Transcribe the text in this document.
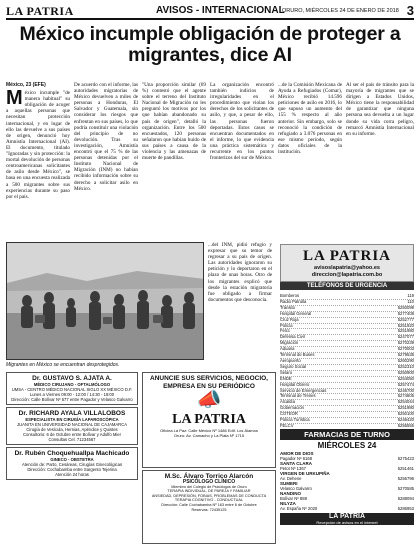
LA PATRIA	AVISOS - INTERNACIONAL
ORURO, MIÉRCOLES 24 DE ENERO DE 2018 3
México incumple obligación de proteger a migrantes, dice AI
México, 23 (EFE)
M éxico incumple "de manera habitual" su obligación de acoger a aquellas personas que necesitan protección internacional, y en lugar de ello las devuelve a sus países de origen, denunció hoy Amnistía Internacional (AI). El documento, titulado "Ignoradas y sin protección: la mortal devolución de personas centroamericanas solicitantes de asilo desde México", se basa en una encuesta realizada a 500 migrantes sobre sus experiencias durante su paso por el país.

De acuerdo con el informe, las autoridades migratorias de México devuelven a miles de personas a Honduras, El Salvador y Guatemala, sin considerar los riesgos que enfrentan en sus países, lo que podría constituir una violación del principio de no devolución. Tras su investigación, Amnistía encontró que el 75 % de las personas detenidas por el Instituto Nacional de Migración (INM) no habían recibido información sobre su derecho a solicitar asilo en México.

"Una proporción similar (69 %) contestó que el agente sobre el terreno del Instituto Nacional de Migración no les preguntó los motivos por los que habían abandonado su país de origen", detalló la organización. Entre los 500 encuestados, 120 personas señalaron que habían huido de sus países a causa de la violencia y las amenazas de muerte de pandillas.

La organización encontró también indicios de irregularidades en el procedimiento que violan los derechos de los solicitantes de asilo, y que, a pesar de ello, las personas fueron deportadas. Estos casos se encuentran documentados en el informe, lo que evidencia una práctica sistemática y recurrente en los puntos fronterizos del sur de México.

...de la Comisión Mexicana de Ayuda a Refugiados (Comar), México recibió 14.596 peticiones de asilo en 2016, lo que supuso un aumento del 155 % respecto al año anterior. Sin embargo, solo se reconoció la condición de refugiado a 3.076 personas en ese mismo periodo, según datos oficiales de la institución.

Al ser el país de tránsito para la mayoría de migrantes que se dirigen a Estados Unidos, México tiene la responsabilidad de garantizar que ninguna persona sea devuelta a un lugar donde su vida corra peligro, remarcó Amnistía Internacional en su informe.

Migrantes en México se encuentran desprotegidos.

...del INM, pidió refugio y expresar que su temor de regresar a su país de origen. Las autoridades ignoraron su petición y lo deportaron en el plazo de unas horas. Otro de los migrantes explicó que desde la estación migratoria fue obligado a firmar documentos que desconocía.

LA PATRIA
avisoslapatria@yahoo.es
direccion@lapatria.com.bo
TELÉFONOS DE URGENCIA
Bomberos	119
Radio Patrulla	110
Tránsito	5250099
Hospital General	5277408
Cruz Roja	5252777
Policía	5251920
Felcc	5251980
Defensa Civil	5247077
Migración	5270239
Aduana	5270003
Terminal de Buses	5279535
Aeropuerto	5260290
Seguro Social	5252310
Selaro	5250900
ENDE	5254050
Hospital Obrero	5257474
Servicio de Emergencias	5246700
Terminal de Trenes	5274605
Alcaldía	5254044
Gobernación	5251980
COTEOR	5250100
Policía Turística	5246420
FELCV	5255555
FARMACIAS DE TURNO
MIÉRCOLES 24
AMOR DE DIOS
Pagador Nº 6168	5275423
SANTA CLARA
Petot Nº 1367	5251461
VIRGEN DE URKUPIÑA
Av. Dehene	5256796
SUMERI
Velasco Galvarro	5270585
NANDINO
Bolívar Nº 888	5288094
NILYZA
Av. España Nº 2020	5286953
LA PATRIA
Recepción de avisos en el internet
Dr. GUSTAVO S. AJATA A.
MÉDICO CIRUJANO - OFTALMÓLOGO
UMSA - CENTRO MÉDICO NACIONAL SIGLO XX MÉXICO D.F.
Lunes a Viernes 09:00 - 12:00 / 14:30 - 19:00
Dirección: Calle Bolívar Nº 577 entre Pagador y Velasco Galvarro
Dr. RICHARD AYALA VILLALOBOS
ESPECIALISTA EN CIRUGÍA LAPAROSCÓPICA
JUANITA EN UNIVERSIDAD NACIONAL DE CAJAMARCA
Cirugía de Vesícula, Hernias, Apéndice y Quistes
Consultorio: 6 de Octubre entre Bolívar y Adolfo Mier
Consultas Cel. 71234567
Dr. Rubén Choquehuallpa Machicado
GINECO - OBSTETRA
Atención de: Parto, Cesáreas, Cirugías Ginecológicas
Dirección: Cochabamba entre Sargento Tejerina
Atención 24 horas
ANUNCIE SUS SERVICIOS, NEGOCIO, EMPRESA EN SU PERIÓDICO
📣
LA PATRIA
Oficina La Paz: Calle México Nº 1486 Edif. Los Álamos
Oruro: Av. Camacho y La Plata Nº 1715
M.Sc. Álvaro Torrico Alarcón
PSICÓLOGO CLÍNICO
Miembro del Colegio de Psicólogos de Oruro
TERAPIA INDIVIDUAL, DE PAREJA Y FAMILIAR
ANSIEDAD, DEPRESIÓN, FOBIAS, PROBLEMAS DE CONDUCTA
TERAPIA COGNITIVO - CONDUCTUAL
Dirección: Calle Cochabamba Nº 163 entre 6 de Octubre
Reservas: 72435125
